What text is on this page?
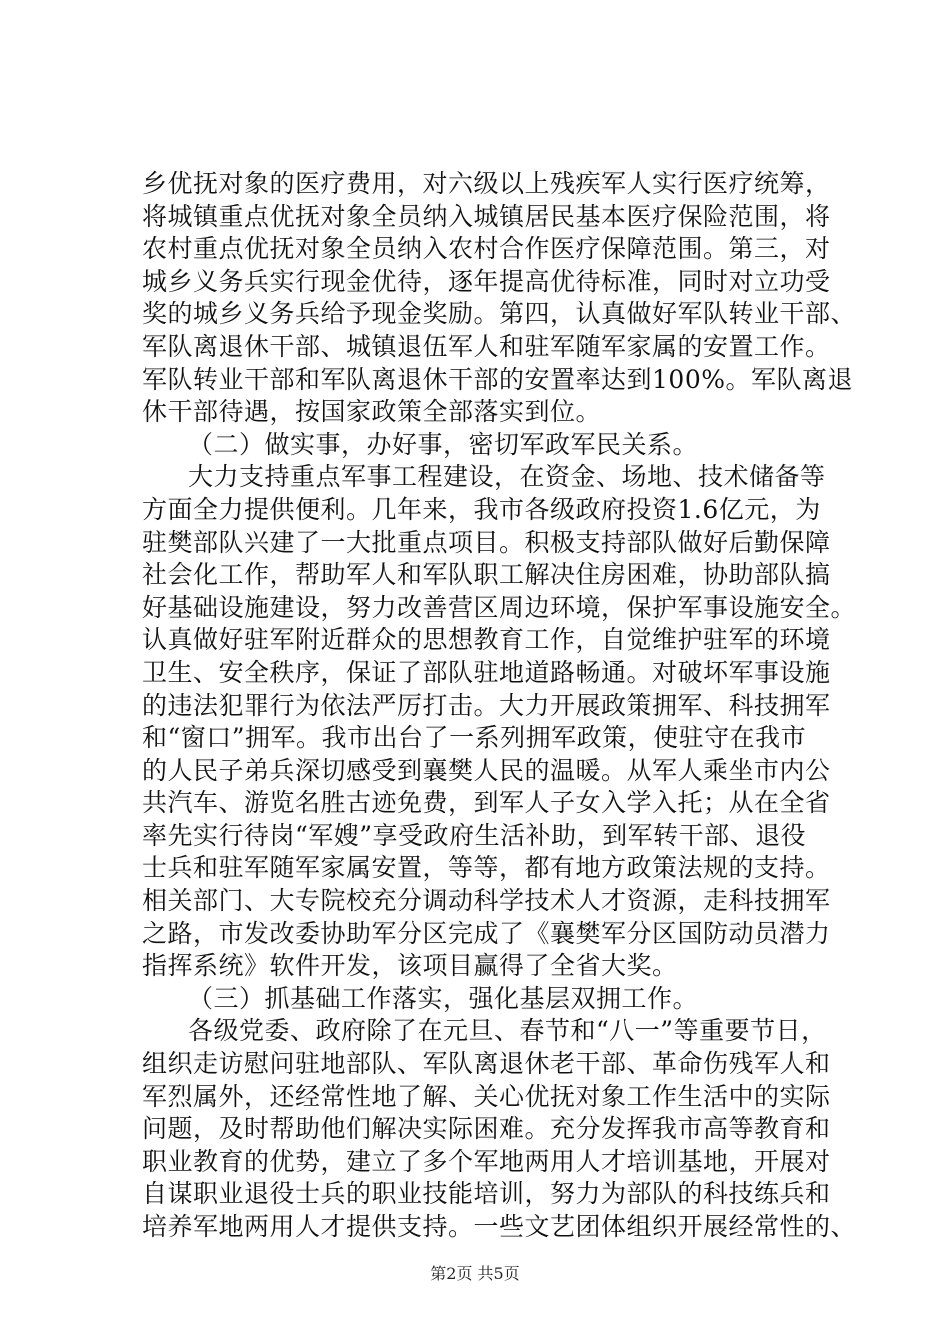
乡优抚对象的医疗费用，对六级以上残疾军人实行医疗统筹，
将城镇重点优抚对象全员纳入城镇居民基本医疗保险范围，将
农村重点优抚对象全员纳入农村合作医疗保障范围。第三，对
城乡义务兵实行现金优待，逐年提高优待标准，同时对立功受
奖的城乡义务兵给予现金奖励。第四，认真做好军队转业干部、
军队离退休干部、城镇退伍军人和驻军随军家属的安置工作。
军队转业干部和军队离退休干部的安置率达到100%。军队离退
休干部待遇，按国家政策全部落实到位。
（二）做实事，办好事，密切军政军民关系。
大力支持重点军事工程建设，在资金、场地、技术储备等
方面全力提供便利。几年来，我市各级政府投资1.6亿元，为
驻樊部队兴建了一大批重点项目。积极支持部队做好后勤保障
社会化工作，帮助军人和军队职工解决住房困难，协助部队搞
好基础设施建设，努力改善营区周边环境，保护军事设施安全。
认真做好驻军附近群众的思想教育工作，自觉维护驻军的环境
卫生、安全秩序，保证了部队驻地道路畅通。对破坏军事设施
的违法犯罪行为依法严厉打击。大力开展政策拥军、科技拥军
和“窗口”拥军。我市出台了一系列拥军政策，使驻守在我市
的人民子弟兵深切感受到襄樊人民的温暖。从军人乘坐市内公
共汽车、游览名胜古迹免费，到军人子女入学入托；从在全省
率先实行待岗“军嫂”享受政府生活补助，到军转干部、退役
士兵和驻军随军家属安置，等等，都有地方政策法规的支持。
相关部门、大专院校充分调动科学技术人才资源，走科技拥军
之路，市发改委协助军分区完成了《襄樊军分区国防动员潜力
指挥系统》软件开发，该项目赢得了全省大奖。
（三）抓基础工作落实，强化基层双拥工作。
各级党委、政府除了在元旦、春节和“八一”等重要节日，
组织走访慰问驻地部队、军队离退休老干部、革命伤残军人和
军烈属外，还经常性地了解、关心优抚对象工作生活中的实际
问题，及时帮助他们解决实际困难。充分发挥我市高等教育和
职业教育的优势，建立了多个军地两用人才培训基地，开展对
自谋职业退役士兵的职业技能培训，努力为部队的科技练兵和
培养军地两用人才提供支持。一些文艺团体组织开展经常性的、
第2页 共5页
